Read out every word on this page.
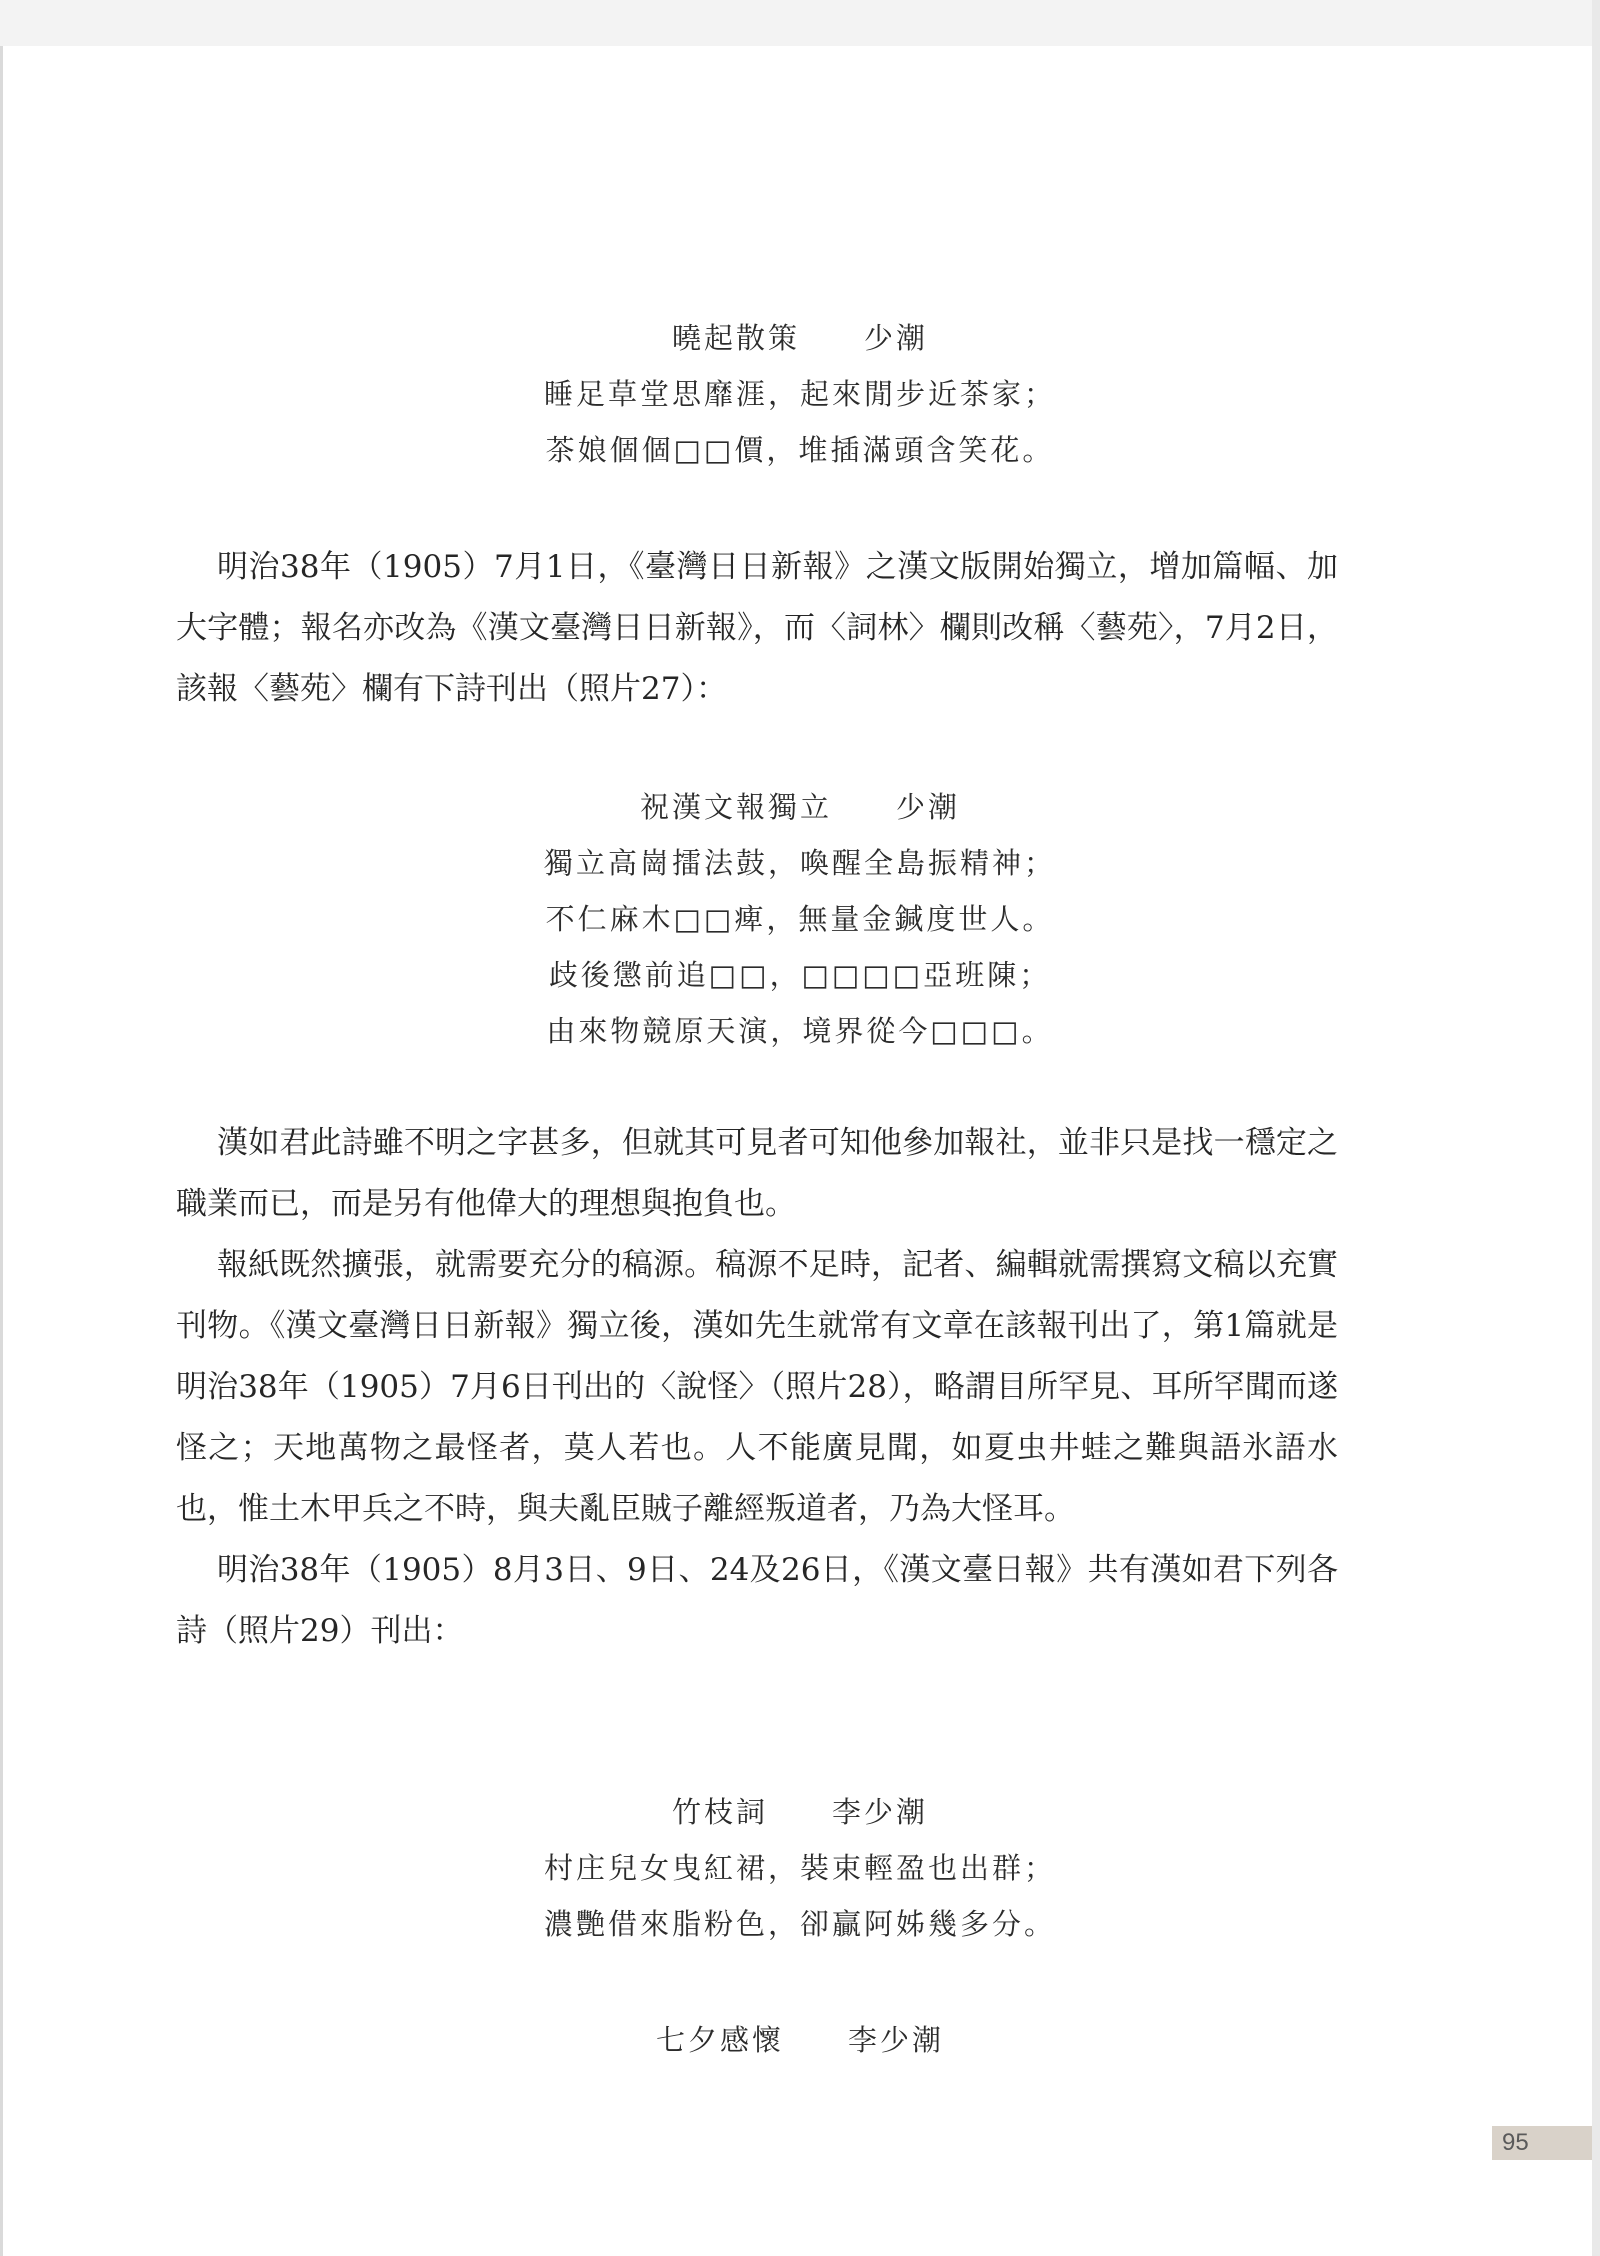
曉起散策 少潮
睡足草堂思靡涯，起來閒步近茶家；
茶娘個個□□價，堆插滿頭含笑花。

明治38年（1905）7月1日，《臺灣日日新報》之漢文版開始獨立，增加篇幅、加大字體；報名亦改為《漢文臺灣日日新報》，而〈詞林〉欄則改稱〈藝苑〉，7月2日，該報〈藝苑〉欄有下詩刊出（照片27）：

祝漢文報獨立 少潮
獨立高崗擂法鼓，喚醒全島振精神；
不仁麻木□□痺，無量金鍼度世人。
歧後懲前追□□，□□□□亞班陳；
由來物競原天演，境界從今□□□。

漢如君此詩雖不明之字甚多，但就其可見者可知他參加報社，並非只是找一穩定之職業而已，而是另有他偉大的理想與抱負也。

報紙既然擴張，就需要充分的稿源。稿源不足時，記者、編輯就需撰寫文稿以充實刊物。《漢文臺灣日日新報》獨立後，漢如先生就常有文章在該報刊出了，第1篇就是明治38年（1905）7月6日刊出的〈說怪〉（照片28），略謂目所罕見、耳所罕聞而遂怪之；天地萬物之最怪者，莫人若也。人不能廣見聞，如夏虫井蛙之難與語氷語水也，惟土木甲兵之不時，與夫亂臣賊子離經叛道者，乃為大怪耳。

明治38年（1905）8月3日、9日、24及26日，《漢文臺日報》共有漢如君下列各詩（照片29）刊出：

竹枝詞 李少潮
村庄兒女曳紅裙，裝束輕盈也出群；
濃艷借來脂粉色，卻贏阿姊幾多分。
七夕感懷 李少潮
95
